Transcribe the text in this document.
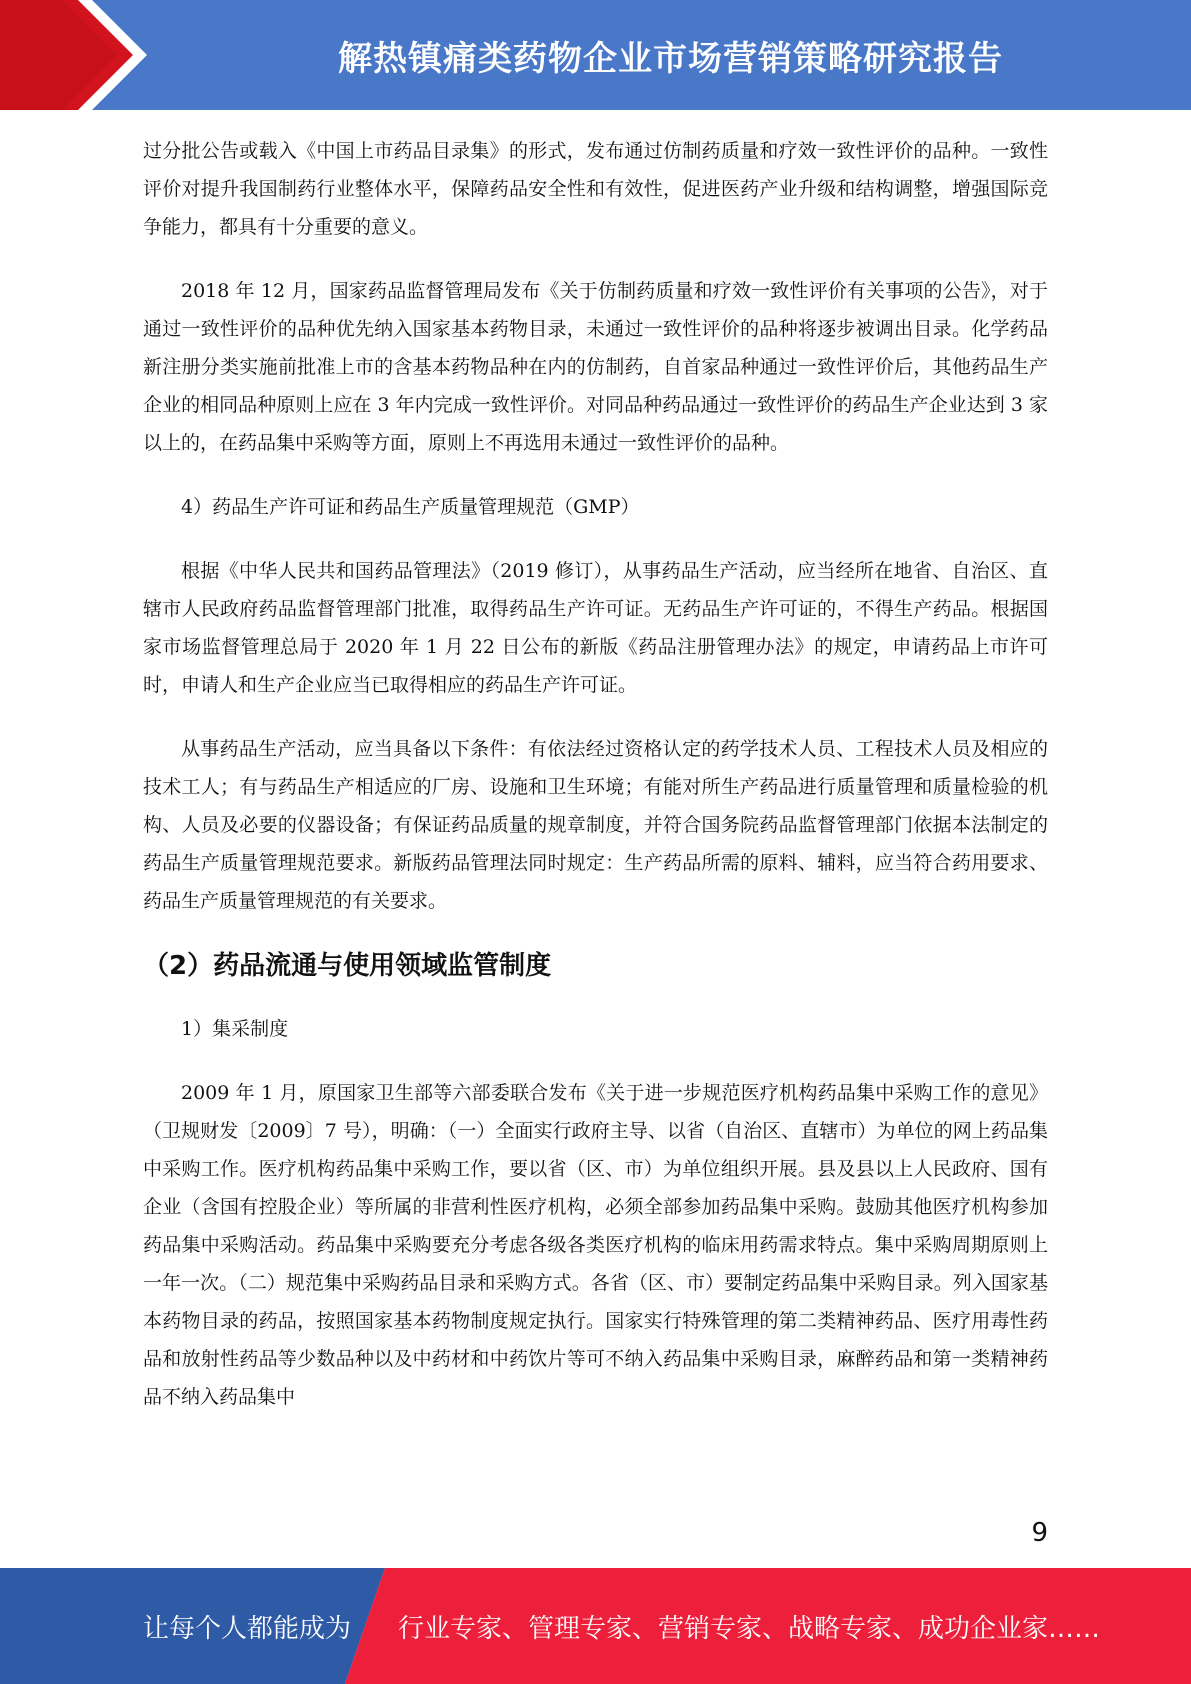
解热镇痛类药物企业市场营销策略研究报告

过分批公告或载入《中国上市药品目录集》的形式，发布通过仿制药质量和疗效一致性评价的品种。一致性评价对提升我国制药行业整体水平，保障药品安全性和有效性，促进医药产业升级和结构调整，增强国际竞争能力，都具有十分重要的意义。

2018 年 12 月，国家药品监督管理局发布《关于仿制药质量和疗效一致性评价有关事项的公告》，对于通过一致性评价的品种优先纳入国家基本药物目录，未通过一致性评价的品种将逐步被调出目录。化学药品新注册分类实施前批准上市的含基本药物品种在内的仿制药，自首家品种通过一致性评价后，其他药品生产企业的相同品种原则上应在 3 年内完成一致性评价。对同品种药品通过一致性评价的药品生产企业达到 3 家以上的，在药品集中采购等方面，原则上不再选用未通过一致性评价的品种。

4）药品生产许可证和药品生产质量管理规范（GMP）

根据《中华人民共和国药品管理法》（2019 修订），从事药品生产活动，应当经所在地省、自治区、直辖市人民政府药品监督管理部门批准，取得药品生产许可证。无药品生产许可证的，不得生产药品。根据国家市场监督管理总局于 2020 年 1 月 22 日公布的新版《药品注册管理办法》的规定，申请药品上市许可时，申请人和生产企业应当已取得相应的药品生产许可证。

从事药品生产活动，应当具备以下条件：有依法经过资格认定的药学技术人员、工程技术人员及相应的技术工人；有与药品生产相适应的厂房、设施和卫生环境；有能对所生产药品进行质量管理和质量检验的机构、人员及必要的仪器设备；有保证药品质量的规章制度，并符合国务院药品监督管理部门依据本法制定的药品生产质量管理规范要求。新版药品管理法同时规定：生产药品所需的原料、辅料，应当符合药用要求、药品生产质量管理规范的有关要求。

（2）药品流通与使用领域监管制度

1）集采制度

2009 年 1 月，原国家卫生部等六部委联合发布《关于进一步规范医疗机构药品集中采购工作的意见》（卫规财发〔2009〕7 号），明确：（一）全面实行政府主导、以省（自治区、直辖市）为单位的网上药品集中采购工作。医疗机构药品集中采购工作，要以省（区、市）为单位组织开展。县及县以上人民政府、国有企业（含国有控股企业）等所属的非营利性医疗机构，必须全部参加药品集中采购。鼓励其他医疗机构参加药品集中采购活动。药品集中采购要充分考虑各级各类医疗机构的临床用药需求特点。集中采购周期原则上一年一次。（二）规范集中采购药品目录和采购方式。各省（区、市）要制定药品集中采购目录。列入国家基本药物目录的药品，按照国家基本药物制度规定执行。国家实行特殊管理的第二类精神药品、医疗用毒性药品和放射性药品等少数品种以及中药材和中药饮片等可不纳入药品集中采购目录，麻醉药品和第一类精神药品不纳入药品集中

9
让每个人都能成为 行业专家、管理专家、营销专家、战略专家、成功企业家……
